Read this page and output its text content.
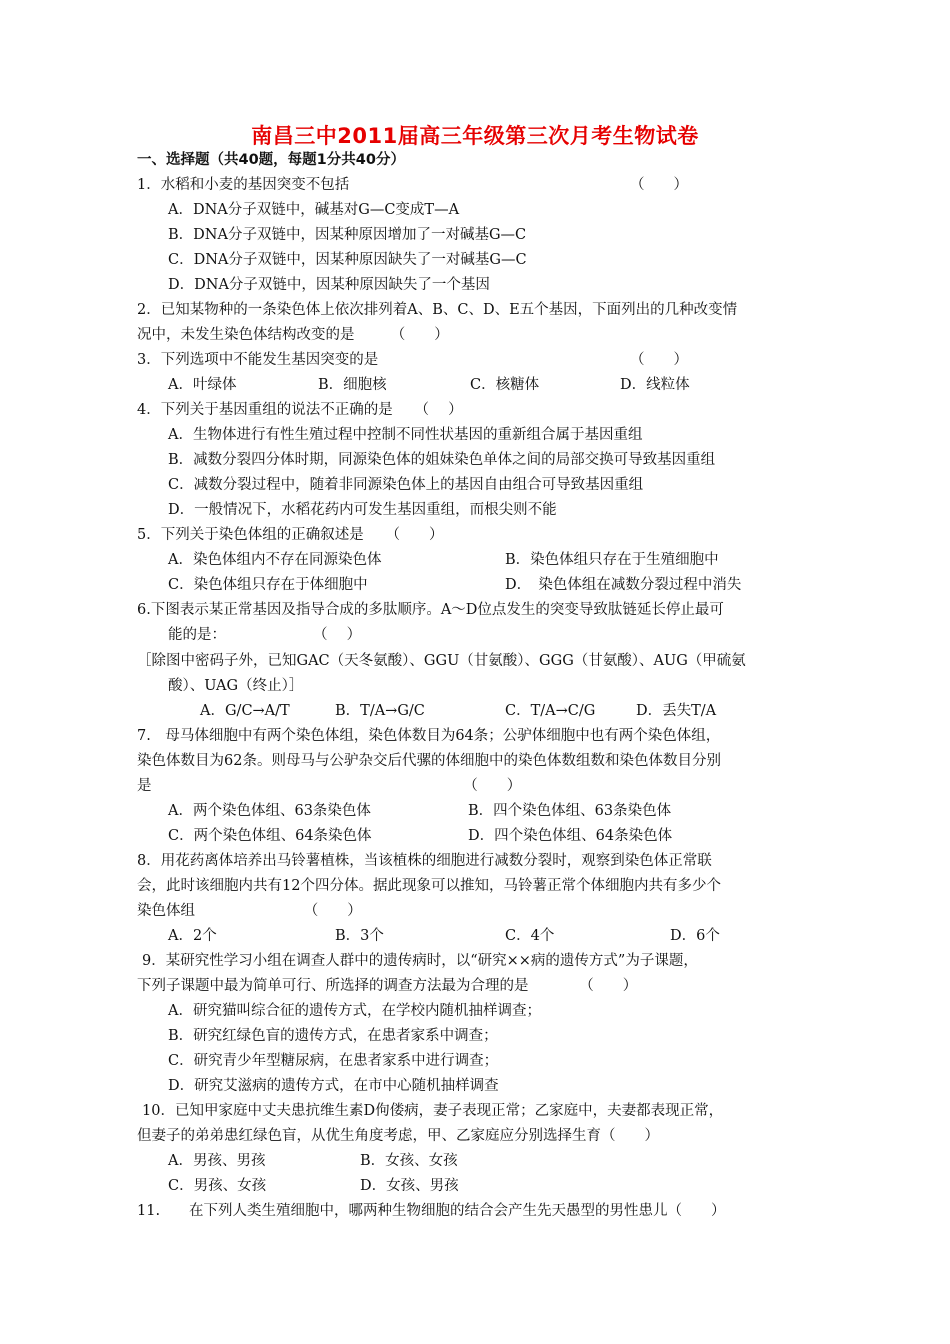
南昌三中2011届高三年级第三次月考生物试卷
一、选择题（共40题，每题1分共40分）
1．水稻和小麦的基因突变不包括	（　　）
A．DNA分子双链中，碱基对G—C变成T—A
B．DNA分子双链中，因某种原因增加了一对碱基G—C
C．DNA分子双链中，因某种原因缺失了一对碱基G—C
D．DNA分子双链中，因某种原因缺失了一个基因
2．已知某物种的一条染色体上依次排列着A、B、C、D、E五个基因，下面列出的几种改变情
况中，未发生染色体结构改变的是　　　（　　）
3．下列选项中不能发生基因突变的是	（　　）
A．叶绿体	B．细胞核	C．核糖体	D．线粒体
4．下列关于基因重组的说法不正确的是　　（　 ）
A．生物体进行有性生殖过程中控制不同性状基因的重新组合属于基因重组
B．减数分裂四分体时期，同源染色体的姐妹染色单体之间的局部交换可导致基因重组
C．减数分裂过程中，随着非同源染色体上的基因自由组合可导致基因重组
D．一般情况下，水稻花药内可发生基因重组，而根尖则不能
5．下列关于染色体组的正确叙述是　　（　　）
A．染色体组内不存在同源染色体	B．染色体组只存在于生殖细胞中
C．染色体组只存在于体细胞中	D．　染色体组在减数分裂过程中消失
6.下图表示某正常基因及指导合成的多肽顺序。A～D位点发生的突变导致肽链延长停止最可
能的是：　　　　　　　（　 ）
［除图中密码子外，已知GAC（天冬氨酸）、GGU（甘氨酸）、GGG（甘氨酸）、AUG（甲硫氨
酸）、UAG（终止）］
A．G/C→A/T	B．T/A→G/C	C．T/A→C/G	D．丢失T/A
7.　母马体细胞中有两个染色体组，染色体数目为64条；公驴体细胞中也有两个染色体组，
染色体数目为62条。则母马与公驴杂交后代骡的体细胞中的染色体数组数和染色体数目分别
是　　　　　　　　　　　　　　　　　　　　　　（　　）
A．两个染色体组、63条染色体	B．四个染色体组、63条染色体
C．两个染色体组、64条染色体	D．四个染色体组、64条染色体
8．用花药离体培养出马铃薯植株，当该植株的细胞进行减数分裂时，观察到染色体正常联
会，此时该细胞内共有12个四分体。据此现象可以推知，马铃薯正常个体细胞内共有多少个
染色体组　　　　　　　　（　　）
A．2个	B．3个	C．4个	D．6个
9．某研究性学习小组在调查人群中的遗传病时，以“研究××病的遗传方式”为子课题，
下列子课题中最为简单可行、所选择的调查方法最为合理的是　　　　（　　）
A．研究猫叫综合征的遗传方式，在学校内随机抽样调查；
B．研究红绿色盲的遗传方式，在患者家系中调查；
C．研究青少年型糖尿病，在患者家系中进行调查；
D．研究艾滋病的遗传方式，在市中心随机抽样调查
10．已知甲家庭中丈夫患抗维生素D佝偻病，妻子表现正常；乙家庭中，夫妻都表现正常，
但妻子的弟弟患红绿色盲，从优生角度考虑，甲、乙家庭应分别选择生育（　　）
A．男孩、男孩	B．女孩、女孩
C．男孩、女孩	D．女孩、男孩
11.　　在下列人类生殖细胞中，哪两种生物细胞的结合会产生先天愚型的男性患儿（　　）
